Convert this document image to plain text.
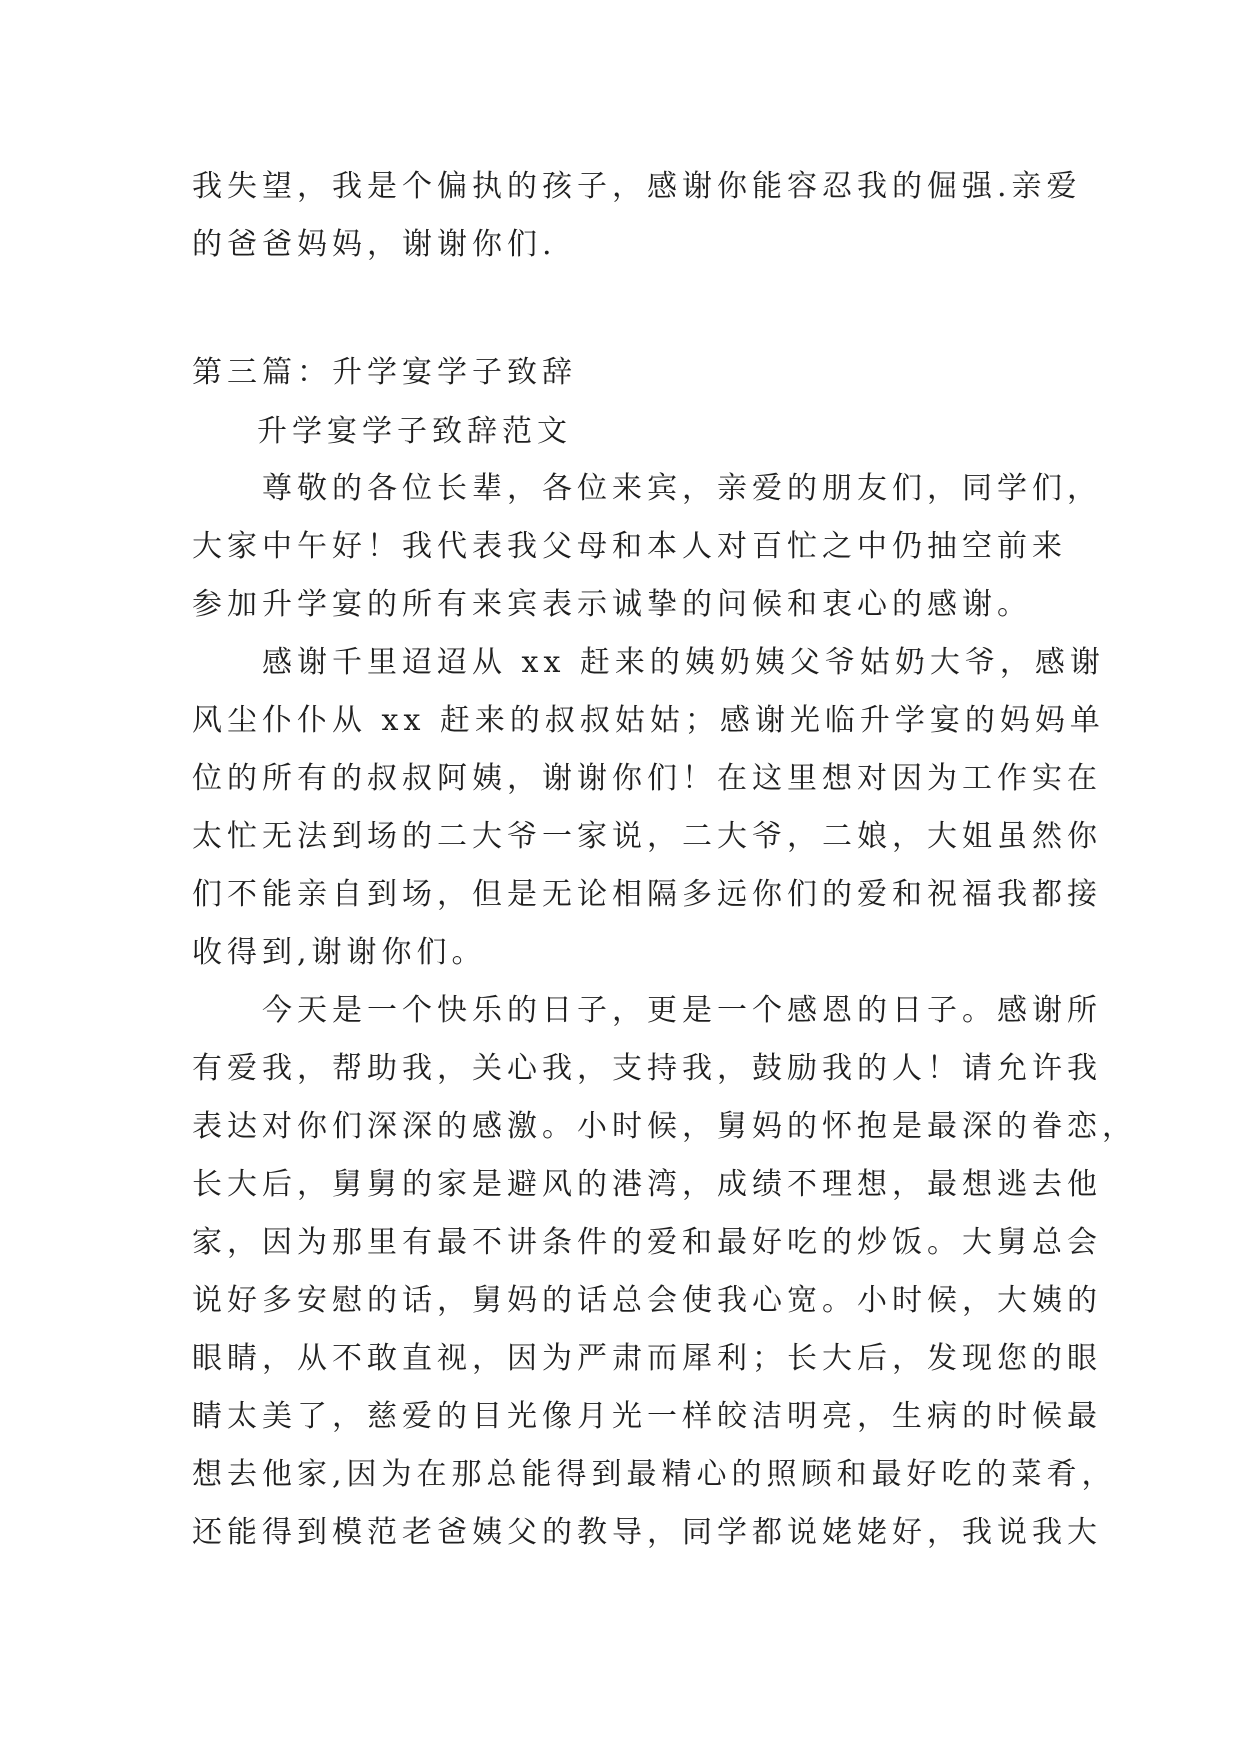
我失望，我是个偏执的孩子，感谢你能容忍我的倔强.亲爱
的爸爸妈妈，谢谢你们.
第三篇：升学宴学子致辞
升学宴学子致辞范文
　　尊敬的各位长辈，各位来宾，亲爱的朋友们，同学们，
大家中午好！我代表我父母和本人对百忙之中仍抽空前来
参加升学宴的所有来宾表示诚挚的问候和衷心的感谢。
　　感谢千里迢迢从 xx 赶来的姨奶姨父爷姑奶大爷，感谢
风尘仆仆从 xx 赶来的叔叔姑姑；感谢光临升学宴的妈妈单
位的所有的叔叔阿姨，谢谢你们！在这里想对因为工作实在
太忙无法到场的二大爷一家说，二大爷，二娘，大姐虽然你
们不能亲自到场，但是无论相隔多远你们的爱和祝福我都接
收得到,谢谢你们。
　　今天是一个快乐的日子，更是一个感恩的日子。感谢所
有爱我，帮助我，关心我，支持我，鼓励我的人！请允许我
表达对你们深深的感激。小时候，舅妈的怀抱是最深的眷恋，
长大后，舅舅的家是避风的港湾，成绩不理想，最想逃去他
家，因为那里有最不讲条件的爱和最好吃的炒饭。大舅总会
说好多安慰的话，舅妈的话总会使我心宽。小时候，大姨的
眼睛，从不敢直视，因为严肃而犀利；长大后，发现您的眼
睛太美了，慈爱的目光像月光一样皎洁明亮，生病的时候最
想去他家,因为在那总能得到最精心的照顾和最好吃的菜肴，
还能得到模范老爸姨父的教导，同学都说姥姥好，我说我大
